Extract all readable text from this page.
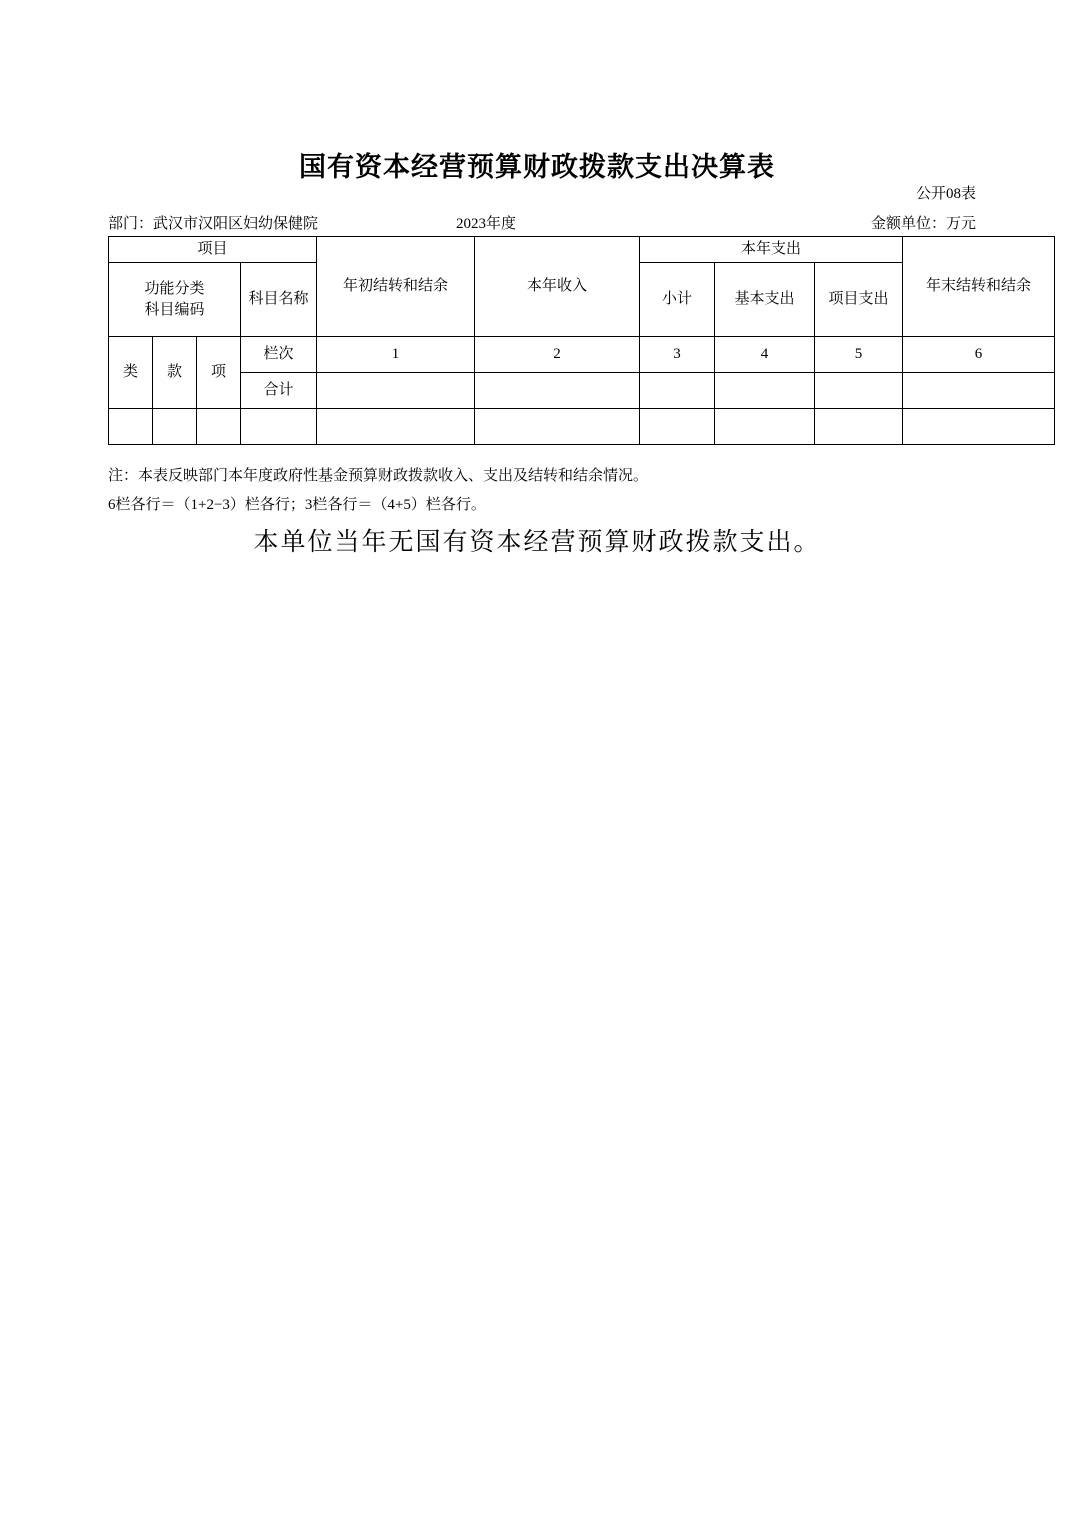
国有资本经营预算财政拨款支出决算表
公开08表
部门：武汉市汉阳区妇幼保健院	2023年度	金额单位：万元
项目				年初结转和结余	本年收入	本年支出			年末结转和结余
功能分类
科目编码			科目名称			小计	基本支出	项目支出	
类	款	项	栏次	1	2	3	4	5	6
			合计						

注：本表反映部门本年度政府性基金预算财政拨款收入、支出及结转和结余情况。
6栏各行＝（1+2−3）栏各行；3栏各行＝（4+5）栏各行。
本单位当年无国有资本经营预算财政拨款支出。
